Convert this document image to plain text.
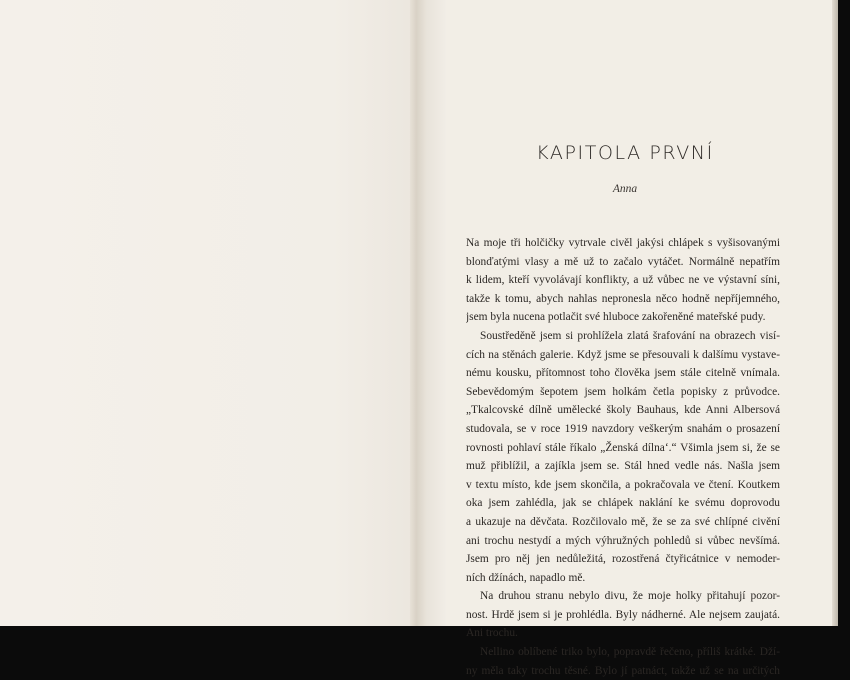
KAPITOLA PRVNÍ
Anna
Na moje tři holčičky vytrvale civěl jakýsi chlápek s vyšisovanými
blonďatými vlasy a mě už to začalo vytáčet. Normálně nepatřím
k lidem, kteří vyvolávají konflikty, a už vůbec ne ve výstavní síni,
takže k tomu, abych nahlas nepronesla něco hodně nepříjemného,
jsem byla nucena potlačit své hluboce zakořeněné mateřské pudy.
Soustředěně jsem si prohlížela zlatá šrafování na obrazech visí-
cích na stěnách galerie. Když jsme se přesouvali k dalšímu vystave-
nému kousku, přítomnost toho člověka jsem stále citelně vnímala.
Sebevědomým šepotem jsem holkám četla popisky z průvodce.
„Tkalcovské dílně umělecké školy Bauhaus, kde Anni Albersová
studovala, se v roce 1919 navzdory veškerým snahám o prosazení
rovnosti pohlaví stále říkalo „Ženská dílna‘.“ Všimla jsem si, že se
muž přiblížil, a zajíkla jsem se. Stál hned vedle nás. Našla jsem
v textu místo, kde jsem skončila, a pokračovala ve čtení. Koutkem
oka jsem zahlédla, jak se chlápek naklání ke svému doprovodu
a ukazuje na děvčata. Rozčilovalo mě, že se za své chlípné civění
ani trochu nestydí a mých výhružných pohledů si vůbec nevšímá.
Jsem pro něj jen nedůležitá, rozostřená čtyřicátnice v nemoder-
ních džínách, napadlo mě.
Na druhou stranu nebylo divu, že moje holky přitahují pozor-
nost. Hrdě jsem si je prohlédla. Byly nádherné. Ale nejsem zaujatá.
Ani trochu.
Nellino oblíbené triko bylo, popravdě řečeno, příliš krátké. Dží-
ny měla taky trochu těsné. Bylo jí patnáct, takže už se na určitých
